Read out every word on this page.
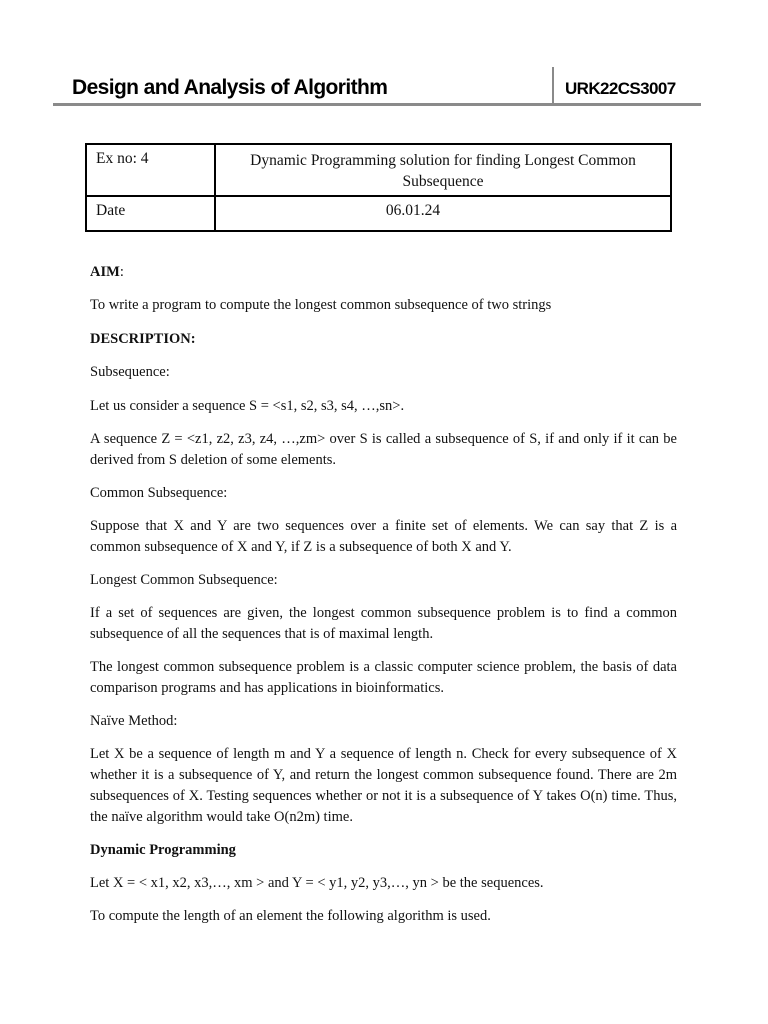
Design and Analysis of Algorithm	URK22CS3007
Ex no: 4	Dynamic Programming solution for finding Longest Common Subsequence
Date	06.01.24

AIM:

To write a program to compute the longest common subsequence of two strings

DESCRIPTION:

Subsequence:

Let us consider a sequence S = <s1, s2, s3, s4, …,sn>.

A sequence Z = <z1, z2, z3, z4, …,zm> over S is called a subsequence of S, if and only if it can be derived from S deletion of some elements.

Common Subsequence:

Suppose that X and Y are two sequences over a finite set of elements. We can say that Z is a common subsequence of X and Y, if Z is a subsequence of both X and Y.

Longest Common Subsequence:

If a set of sequences are given, the longest common subsequence problem is to find a common subsequence of all the sequences that is of maximal length.

The longest common subsequence problem is a classic computer science problem, the basis of data comparison programs and has applications in bioinformatics.

Naïve Method:

Let X be a sequence of length m and Y a sequence of length n. Check for every subsequence of X whether it is a subsequence of Y, and return the longest common subsequence found. There are 2m subsequences of X. Testing sequences whether or not it is a subsequence of Y takes O(n) time. Thus, the naïve algorithm would take O(n2m) time.

Dynamic Programming

Let X = < x1, x2, x3,…, xm > and Y = < y1, y2, y3,…, yn > be the sequences.

To compute the length of an element the following algorithm is used.
